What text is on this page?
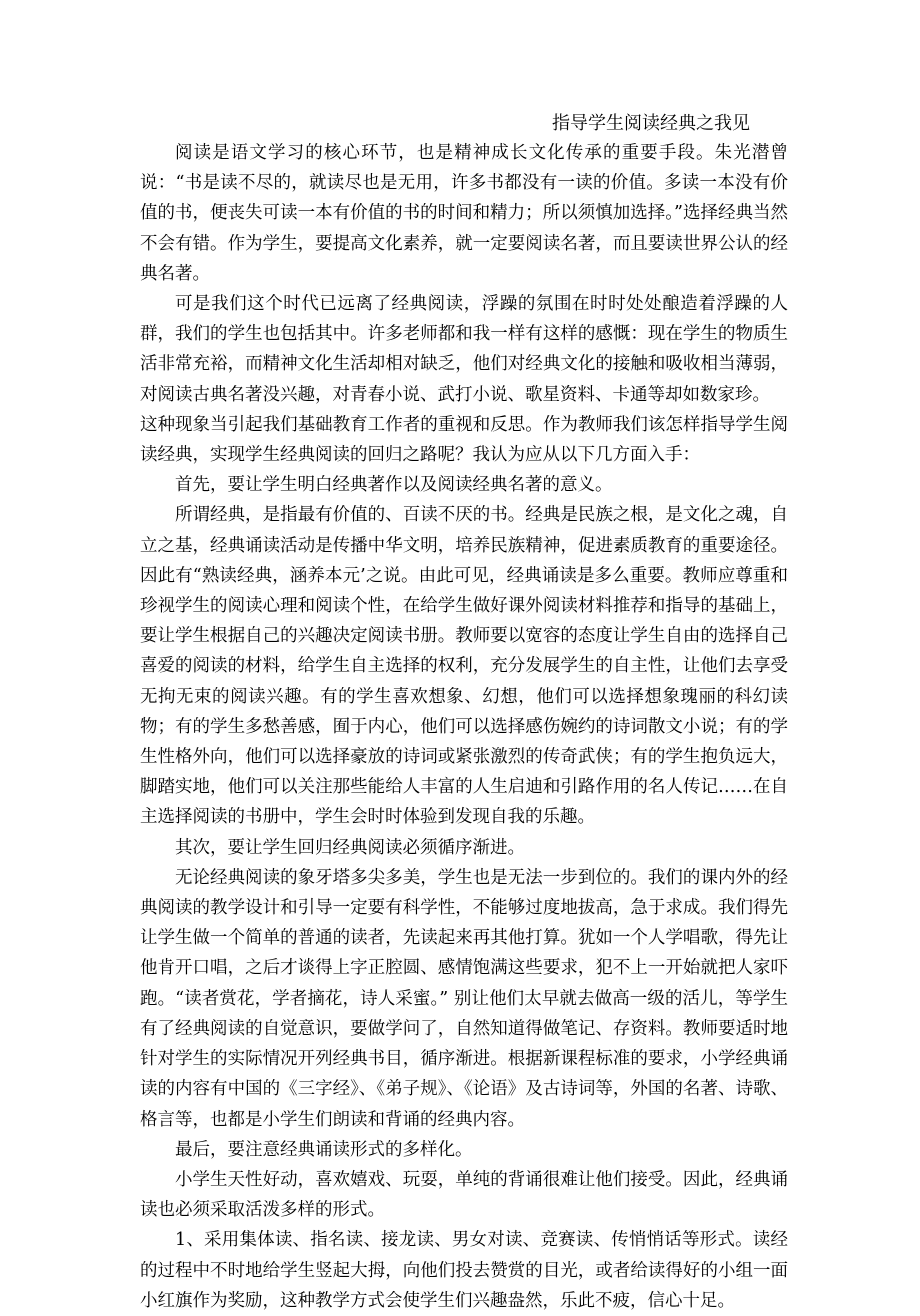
指导学生阅读经典之我见

阅读是语文学习的核心环节，也是精神成长文化传承的重要手段。朱光潜曾说：“书是读不尽的，就读尽也是无用，许多书都没有一读的价值。多读一本没有价值的书，便丧失可读一本有价值的书的时间和精力；所以须慎加选择。”选择经典当然不会有错。作为学生，要提高文化素养，就一定要阅读名著，而且要读世界公认的经典名著。

可是我们这个时代已远离了经典阅读，浮躁的氛围在时时处处酿造着浮躁的人群，我们的学生也包括其中。许多老师都和我一样有这样的感慨：现在学生的物质生活非常充裕，而精神文化生活却相对缺乏，他们对经典文化的接触和吸收相当薄弱，对阅读古典名著没兴趣，对青春小说、武打小说、歌星资料、卡通等却如数家珍。

这种现象当引起我们基础教育工作者的重视和反思。作为教师我们该怎样指导学生阅读经典，实现学生经典阅读的回归之路呢？我认为应从以下几方面入手：

首先，要让学生明白经典著作以及阅读经典名著的意义。

所谓经典，是指最有价值的、百读不厌的书。经典是民族之根，是文化之魂，自立之基，经典诵读活动是传播中华文明，培养民族精神，促进素质教育的重要途径。因此有“熟读经典，涵养本元’之说。由此可见，经典诵读是多么重要。教师应尊重和珍视学生的阅读心理和阅读个性，在给学生做好课外阅读材料推荐和指导的基础上，要让学生根据自己的兴趣决定阅读书册。教师要以宽容的态度让学生自由的选择自己喜爱的阅读的材料，给学生自主选择的权利，充分发展学生的自主性，让他们去享受无拘无束的阅读兴趣。有的学生喜欢想象、幻想，他们可以选择想象瑰丽的科幻读物；有的学生多愁善感，囿于内心，他们可以选择感伤婉约的诗词散文小说；有的学生性格外向，他们可以选择豪放的诗词或紧张激烈的传奇武侠；有的学生抱负远大，脚踏实地，他们可以关注那些能给人丰富的人生启迪和引路作用的名人传记……在自主选择阅读的书册中，学生会时时体验到发现自我的乐趣。

其次，要让学生回归经典阅读必须循序渐进。

无论经典阅读的象牙塔多尖多美，学生也是无法一步到位的。我们的课内外的经典阅读的教学设计和引导一定要有科学性，不能够过度地拔高，急于求成。我们得先让学生做一个简单的普通的读者，先读起来再其他打算。犹如一个人学唱歌，得先让他肯开口唱，之后才谈得上字正腔圆、感情饱满这些要求，犯不上一开始就把人家吓跑。“读者赏花，学者摘花，诗人采蜜。” 别让他们太早就去做高一级的活儿，等学生有了经典阅读的自觉意识，要做学问了，自然知道得做笔记、存资料。教师要适时地针对学生的实际情况开列经典书目，循序渐进。根据新课程标准的要求，小学经典诵读的内容有中国的《三字经》、《弟子规》、《论语》及古诗词等，外国的名著、诗歌、格言等，也都是小学生们朗读和背诵的经典内容。

最后，要注意经典诵读形式的多样化。

小学生天性好动，喜欢嬉戏、玩耍，单纯的背诵很难让他们接受。因此，经典诵读也必须采取活泼多样的形式。

1、采用集体读、指名读、接龙读、男女对读、竞赛读、传悄悄话等形式。读经的过程中不时地给学生竖起大拇，向他们投去赞赏的目光，或者给读得好的小组一面小红旗作为奖励，这种教学方式会使学生们兴趣盎然，乐此不疲，信心十足。
